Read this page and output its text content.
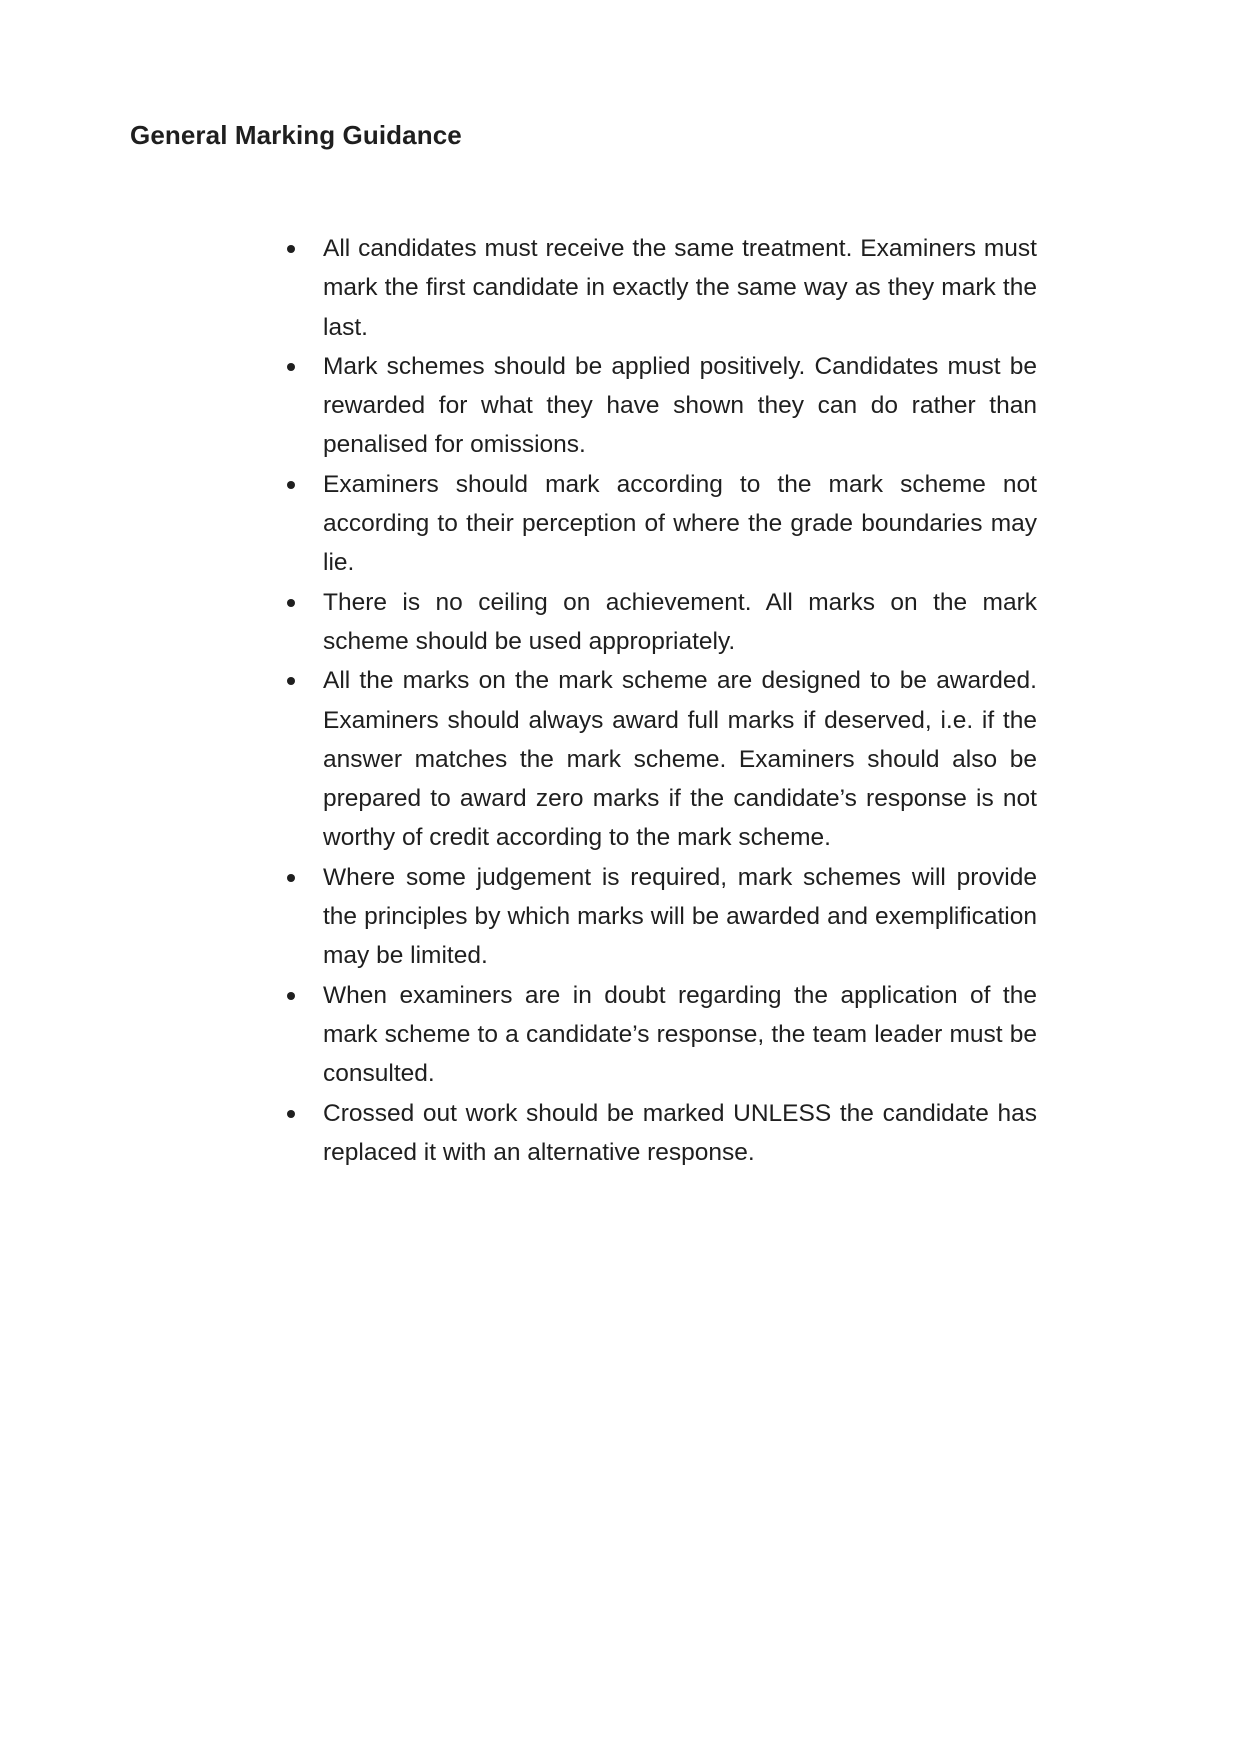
General Marking Guidance
All candidates must receive the same treatment. Examiners must mark the first candidate in exactly the same way as they mark the last.
Mark schemes should be applied positively. Candidates must be rewarded for what they have shown they can do rather than penalised for omissions.
Examiners should mark according to the mark scheme not according to their perception of where the grade boundaries may lie.
There is no ceiling on achievement. All marks on the mark scheme should be used appropriately.
All the marks on the mark scheme are designed to be awarded. Examiners should always award full marks if deserved, i.e. if the answer matches the mark scheme. Examiners should also be prepared to award zero marks if the candidate’s response is not worthy of credit according to the mark scheme.
Where some judgement is required, mark schemes will provide the principles by which marks will be awarded and exemplification may be limited.
When examiners are in doubt regarding the application of the mark scheme to a candidate’s response, the team leader must be consulted.
Crossed out work should be marked UNLESS the candidate has replaced it with an alternative response.
